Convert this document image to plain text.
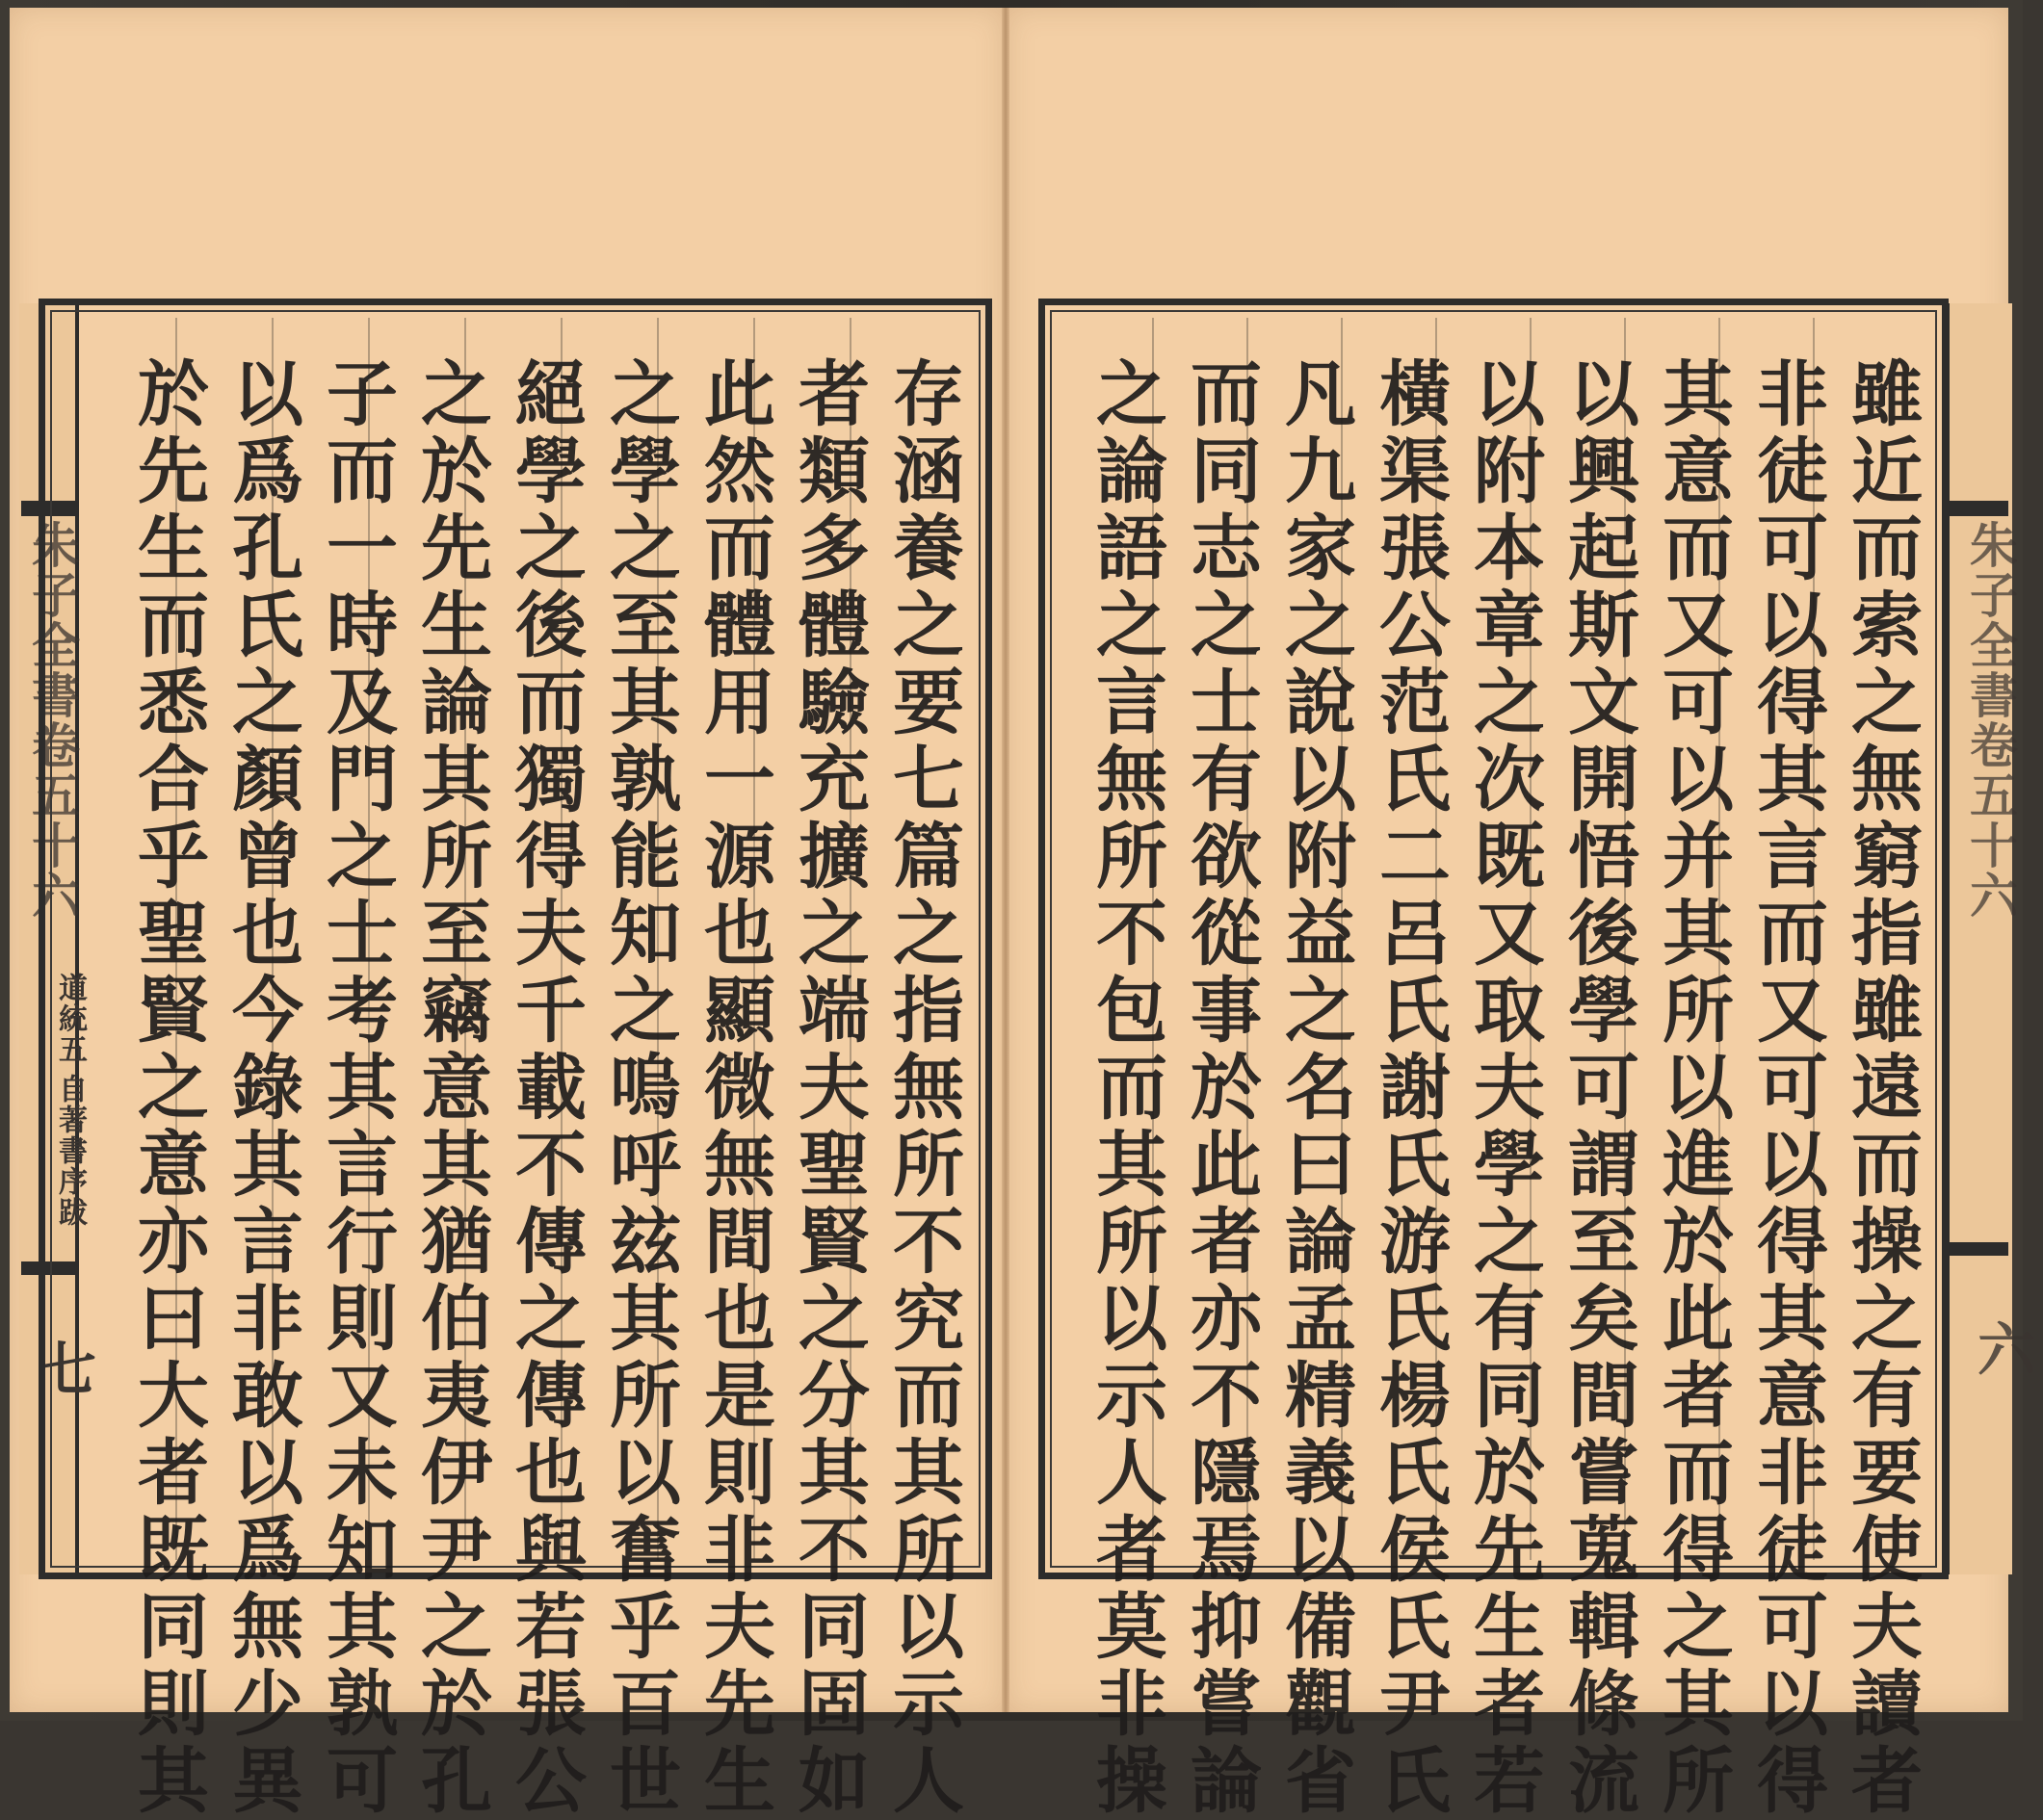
朱子全書卷五十六
道統五
自著書序跋
七
朱子全書卷五十六
六
存涵養之要七篇之指無所不究而其所以示人
者類多體驗充擴之端夫聖賢之分其不同固如
此然而體用一源也顯微無間也是則非夫先生
之學之至其孰能知之嗚呼玆其所以奮乎百世
絕學之後而獨得夫千載不傳之傳也與若張公
之於先生論其所至竊意其猶伯夷伊尹之於孔
子而一時及門之士考其言行則又未知其孰可
以爲孔氏之顏曾也今錄其言非敢以爲無少異
於先生而悉合乎聖賢之意亦曰大者既同則其	雖近而索之無窮指雖遠而操之有要使夫讀者
非徒可以得其言而又可以得其意非徒可以得
其意而又可以并其所以進於此者而得之其所
以興起斯文開悟後學可謂至矣間嘗蒐輯條流
以附本章之次既又取夫學之有同於先生者若
橫渠張公范氏二呂氏謝氏游氏楊氏侯氏尹氏
凡九家之說以附益之名曰論孟精義以備觀省
而同志之士有欲從事於此者亦不隱焉抑嘗論
之論語之言無所不包而其所以示人者莫非操
